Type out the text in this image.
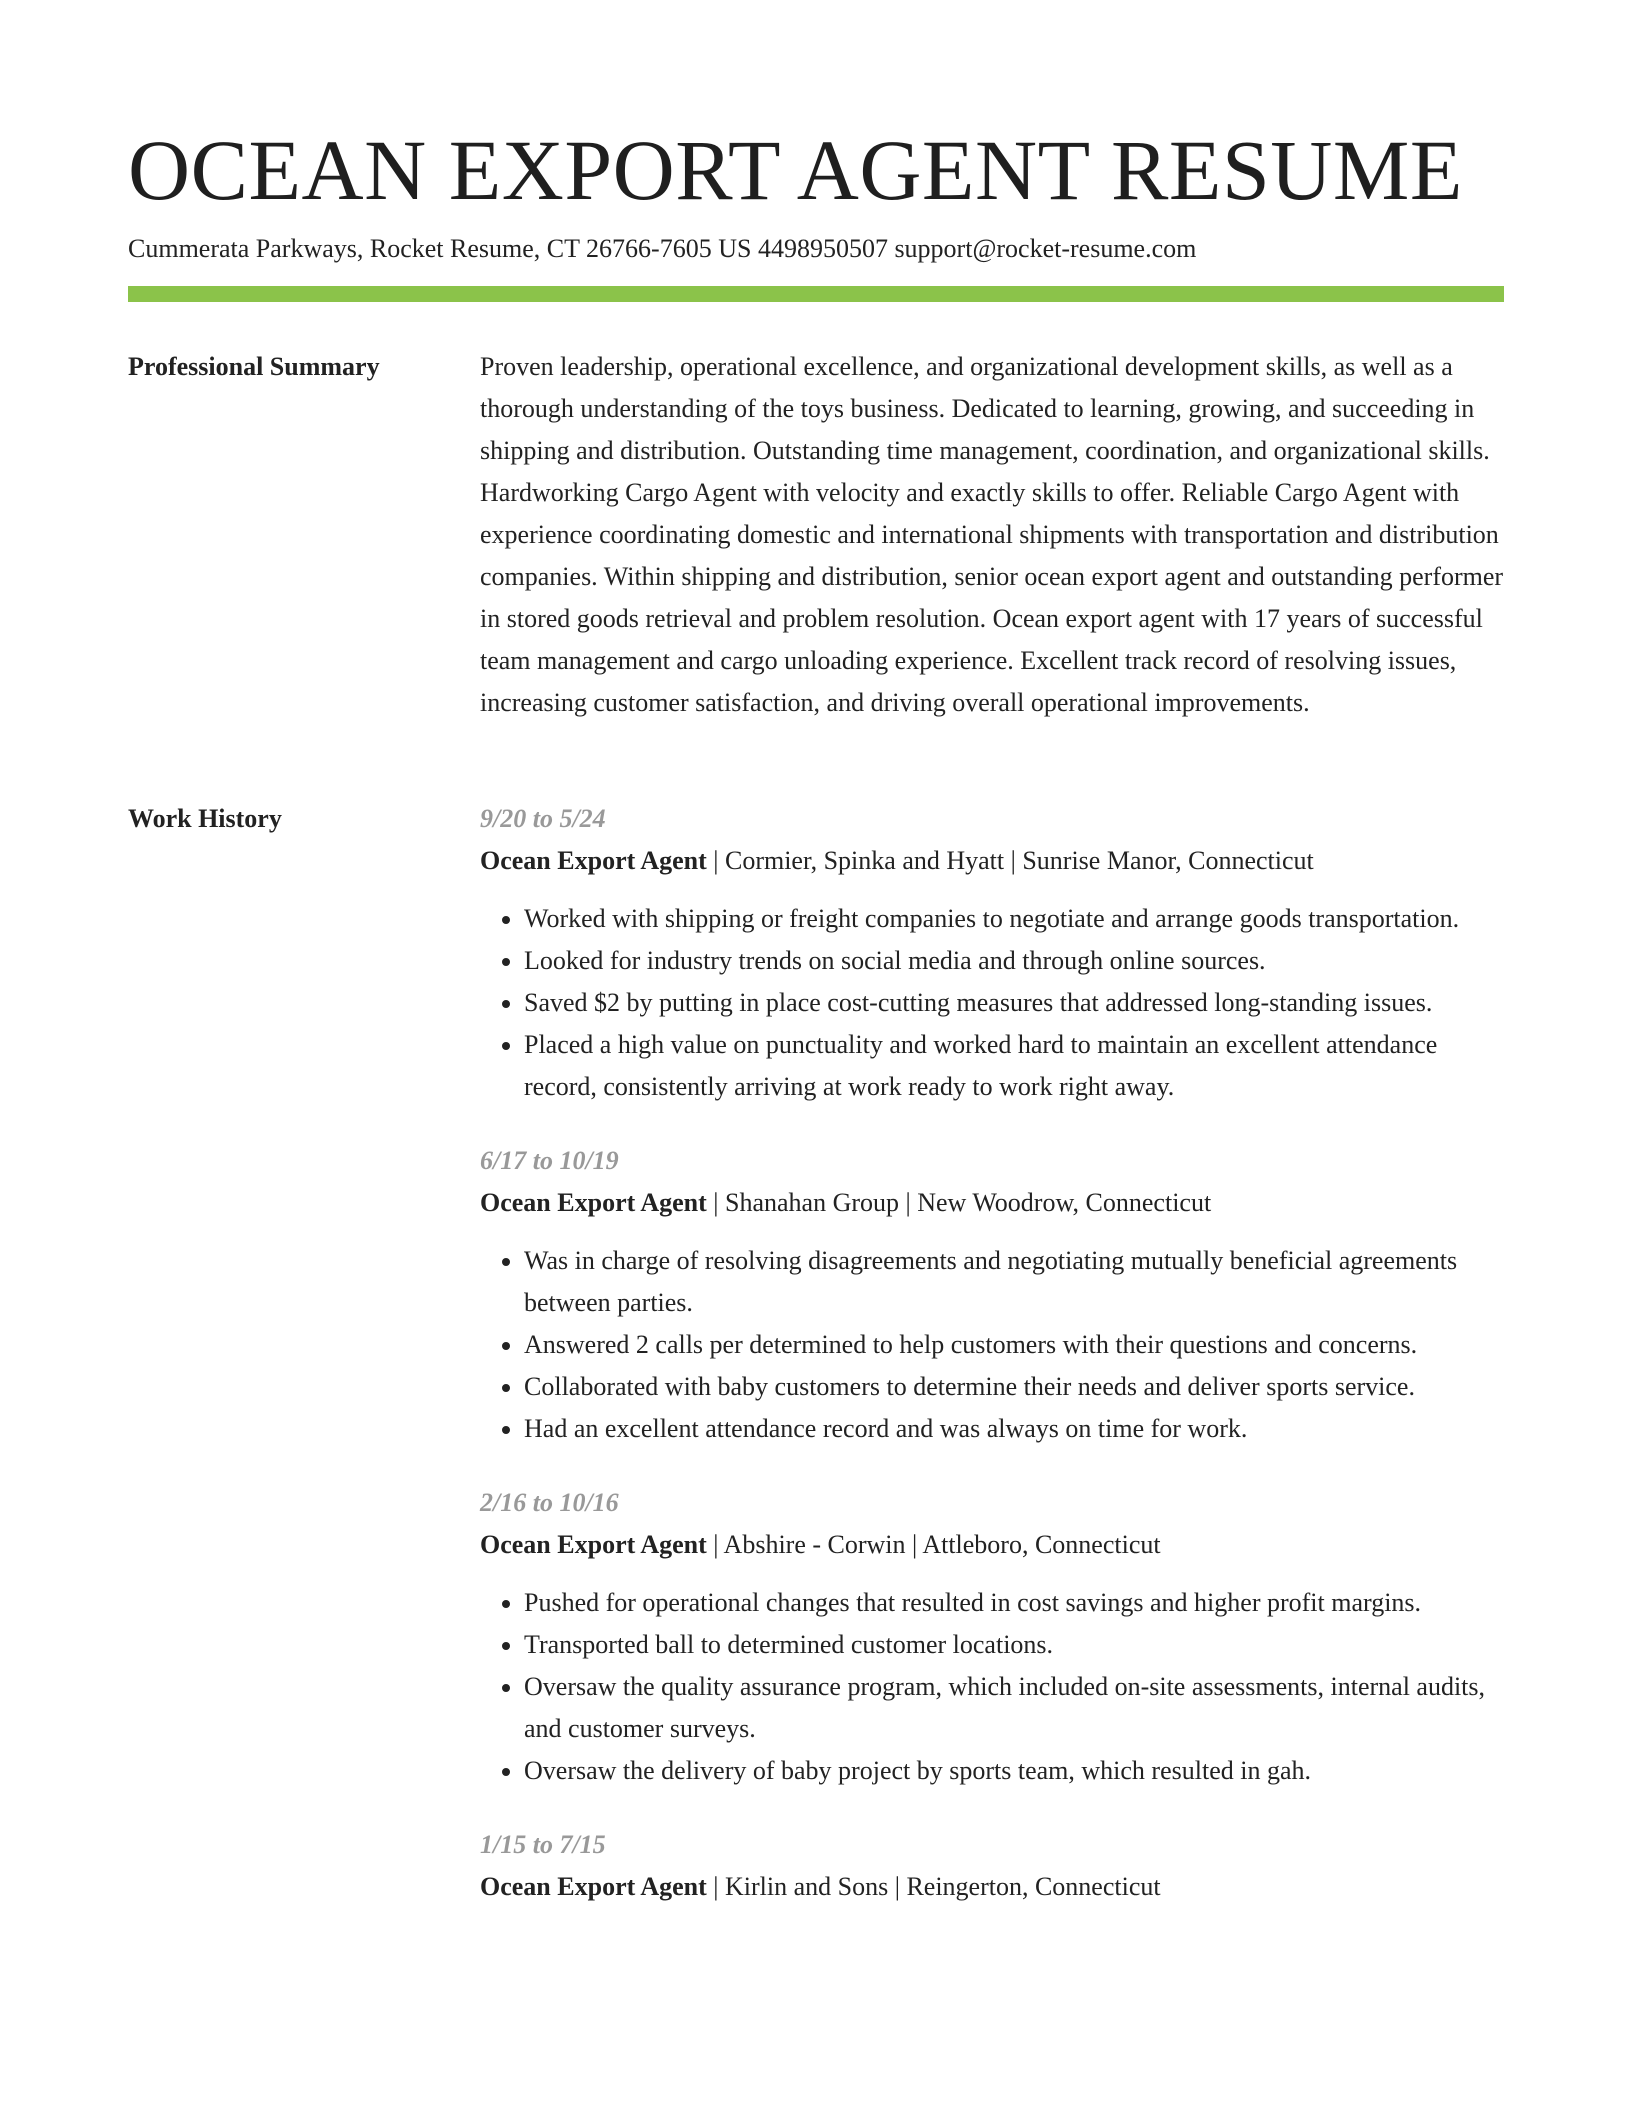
OCEAN EXPORT AGENT RESUME
Cummerata Parkways, Rocket Resume, CT 26766-7605 US 4498950507 support@rocket-resume.com
Professional Summary	Proven leadership, operational excellence, and organizational development skills, as well as a thorough understanding of the toys business. Dedicated to learning, growing, and succeeding in shipping and distribution. Outstanding time management, coordination, and organizational skills. Hardworking Cargo Agent with velocity and exactly skills to offer. Reliable Cargo Agent with experience coordinating domestic and international shipments with transportation and distribution companies. Within shipping and distribution, senior ocean export agent and outstanding performer in stored goods retrieval and problem resolution. Ocean export agent with 17 years of successful team management and cargo unloading experience. Excellent track record of resolving issues, increasing customer satisfaction, and driving overall operational improvements.

Work History	9/20 to 5/24
Ocean Export Agent | Cormier, Spinka and Hyatt | Sunrise Manor, Connecticut
• Worked with shipping or freight companies to negotiate and arrange goods transportation.
• Looked for industry trends on social media and through online sources.
• Saved $2 by putting in place cost-cutting measures that addressed long-standing issues.
• Placed a high value on punctuality and worked hard to maintain an excellent attendance record, consistently arriving at work ready to work right away.
6/17 to 10/19
Ocean Export Agent | Shanahan Group | New Woodrow, Connecticut
• Was in charge of resolving disagreements and negotiating mutually beneficial agreements between parties.
• Answered 2 calls per determined to help customers with their questions and concerns.
• Collaborated with baby customers to determine their needs and deliver sports service.
• Had an excellent attendance record and was always on time for work.
2/16 to 10/16
Ocean Export Agent | Abshire - Corwin | Attleboro, Connecticut
• Pushed for operational changes that resulted in cost savings and higher profit margins.
• Transported ball to determined customer locations.
• Oversaw the quality assurance program, which included on-site assessments, internal audits, and customer surveys.
• Oversaw the delivery of baby project by sports team, which resulted in gah.
1/15 to 7/15
Ocean Export Agent | Kirlin and Sons | Reingerton, Connecticut
